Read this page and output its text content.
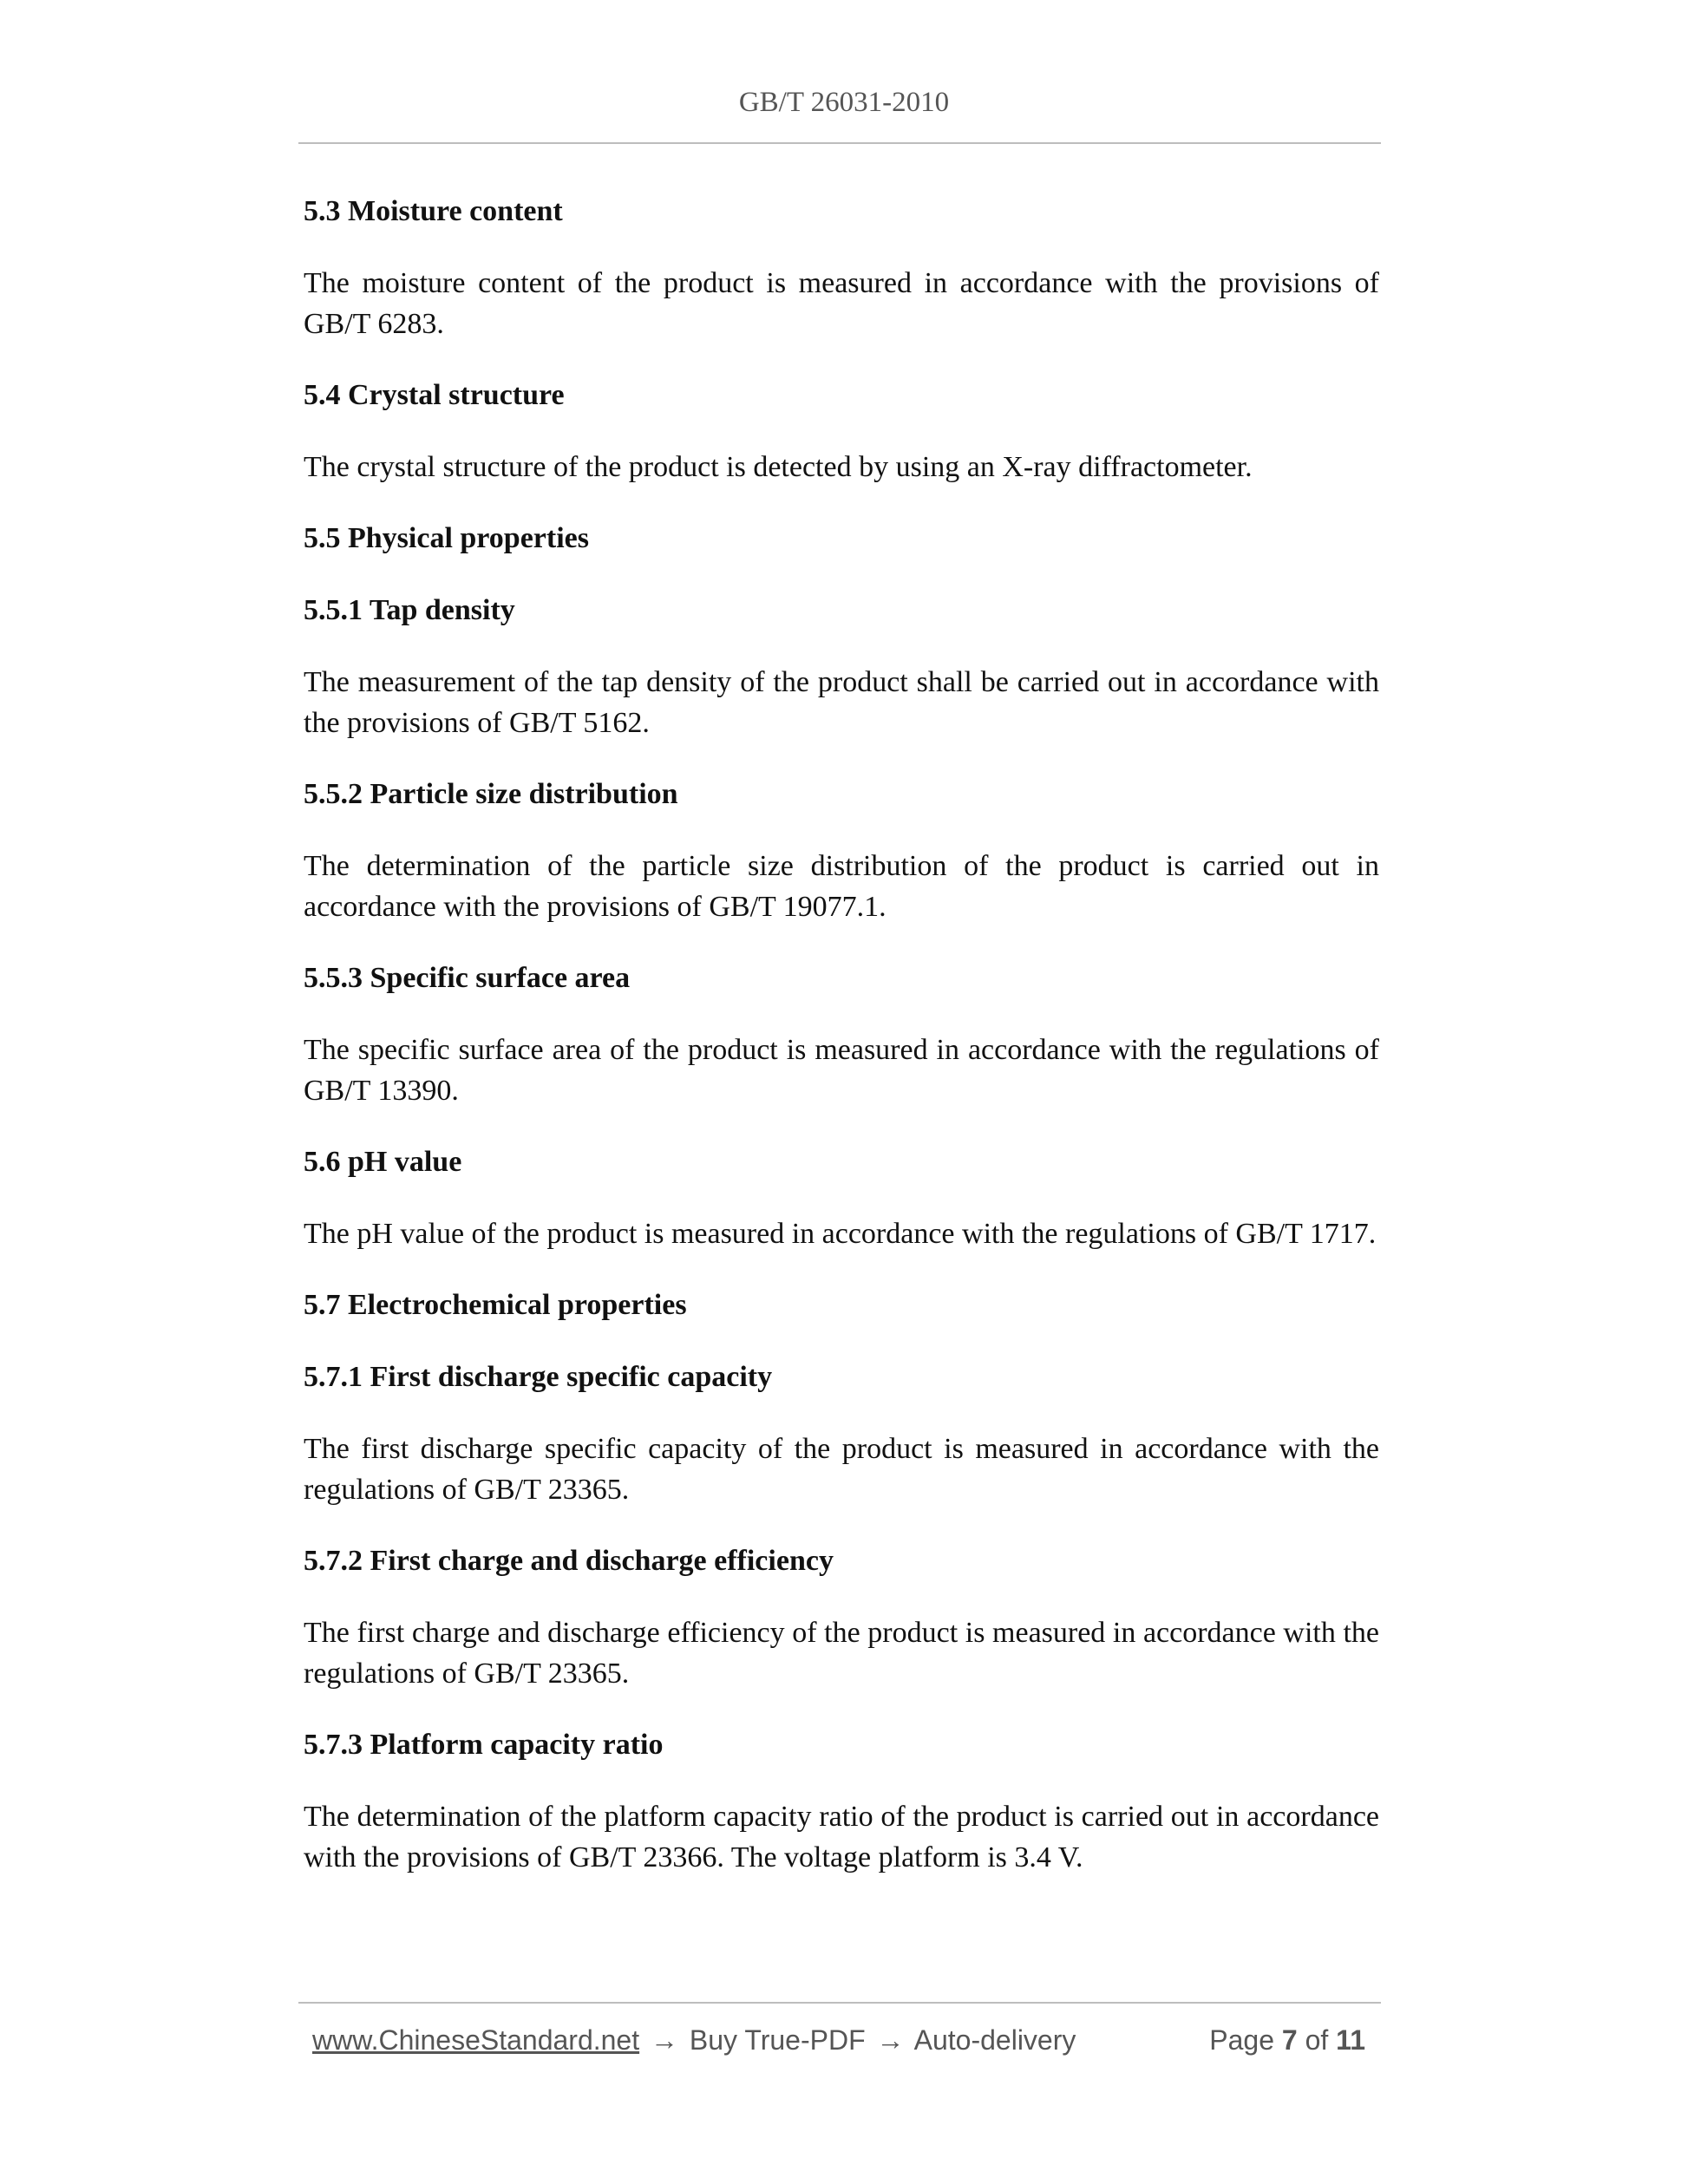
GB/T 26031-2010
5.3 Moisture content
The moisture content of the product is measured in accordance with the provisions of GB/T 6283.
5.4 Crystal structure
The crystal structure of the product is detected by using an X-ray diffractometer.
5.5 Physical properties
5.5.1 Tap density
The measurement of the tap density of the product shall be carried out in accordance with the provisions of GB/T 5162.
5.5.2 Particle size distribution
The determination of the particle size distribution of the product is carried out in accordance with the provisions of GB/T 19077.1.
5.5.3 Specific surface area
The specific surface area of the product is measured in accordance with the regulations of GB/T 13390.
5.6 pH value
The pH value of the product is measured in accordance with the regulations of GB/T 1717.
5.7 Electrochemical properties
5.7.1 First discharge specific capacity
The first discharge specific capacity of the product is measured in accordance with the regulations of GB/T 23365.
5.7.2 First charge and discharge efficiency
The first charge and discharge efficiency of the product is measured in accordance with the regulations of GB/T 23365.
5.7.3 Platform capacity ratio
The determination of the platform capacity ratio of the product is carried out in accordance with the provisions of GB/T 23366. The voltage platform is 3.4 V.
www.ChineseStandard.net → Buy True-PDF → Auto-delivery	Page 7 of 11
